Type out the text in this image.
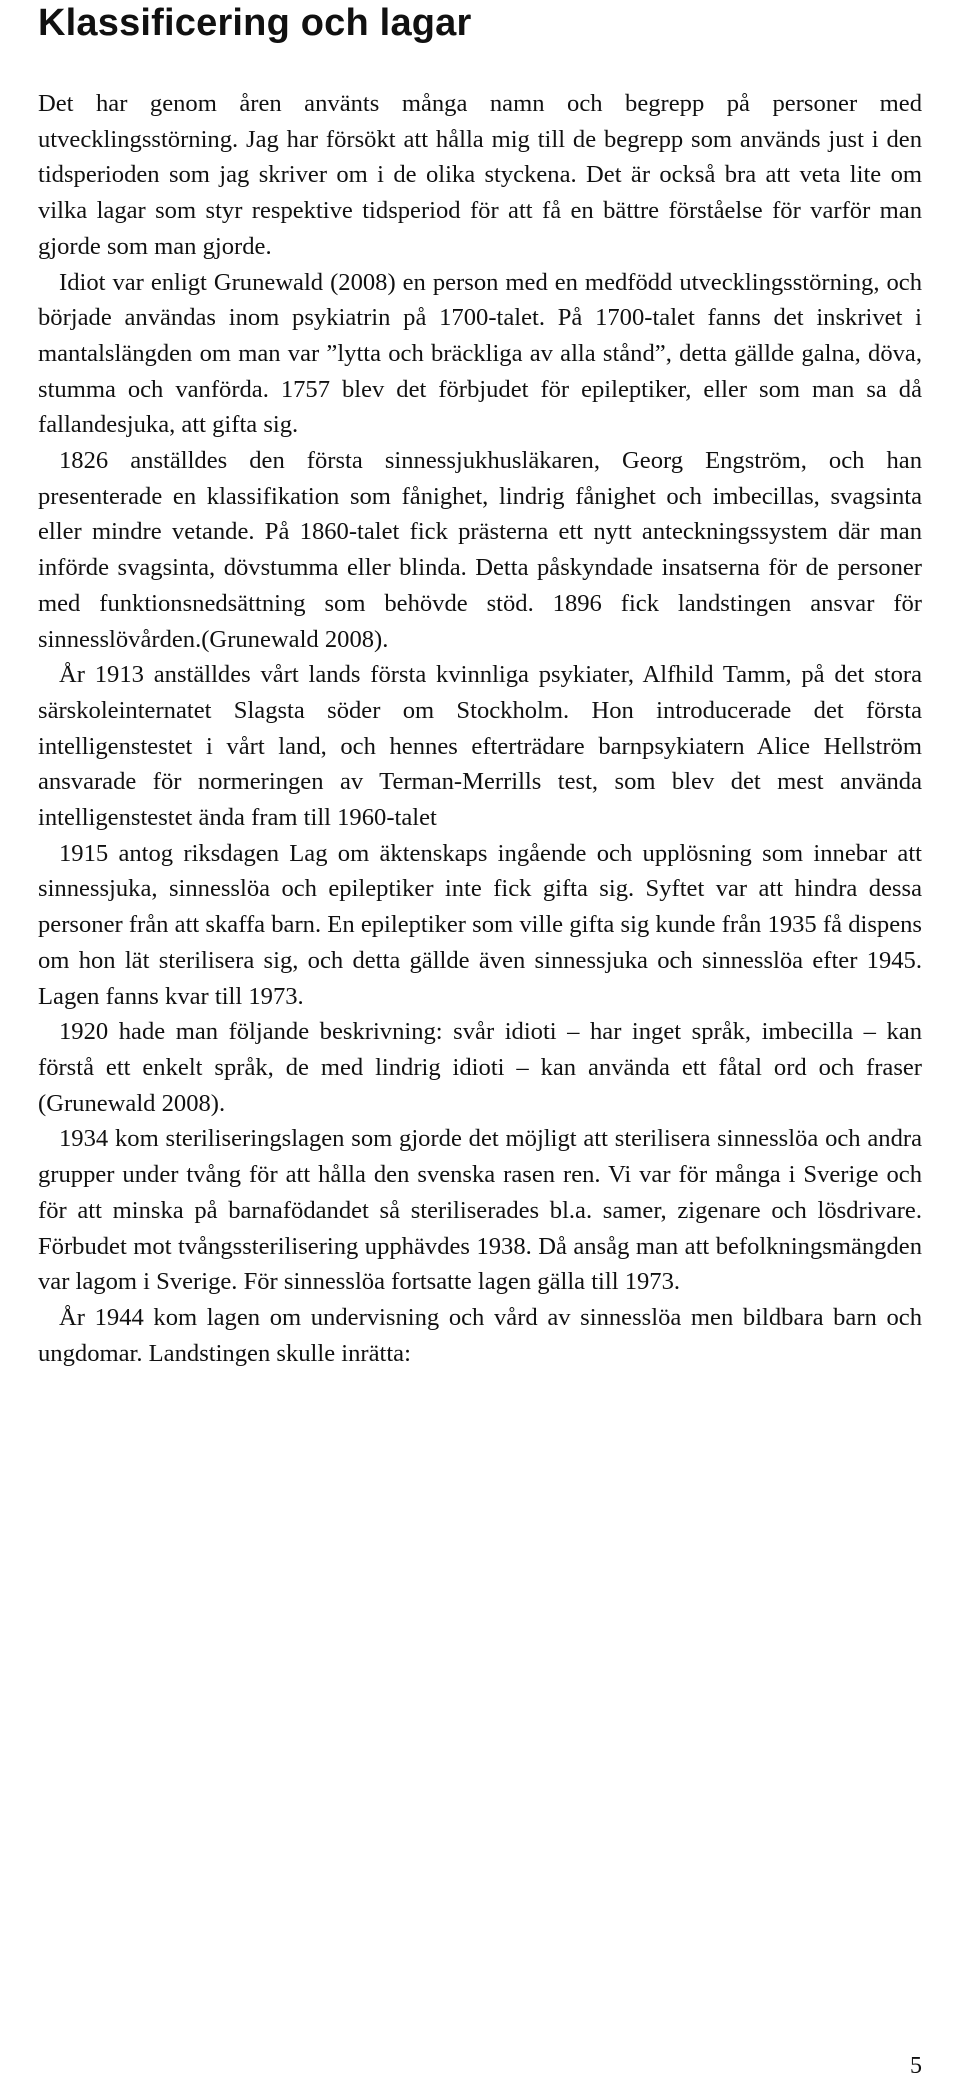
Klassificering och lagar

Det har genom åren använts många namn och begrepp på personer med utvecklingsstörning. Jag har försökt att hålla mig till de begrepp som används just i den tidsperioden som jag skriver om i de olika styckena. Det är också bra att veta lite om vilka lagar som styr respektive tidsperiod för att få en bättre förståelse för varför man gjorde som man gjorde.

Idiot var enligt Grunewald (2008) en person med en medfödd utvecklingsstörning, och började användas inom psykiatrin på 1700-talet. På 1700-talet fanns det inskrivet i mantalslängden om man var ”lytta och bräckliga av alla stånd”, detta gällde galna, döva, stumma och vanförda. 1757 blev det förbjudet för epileptiker, eller som man sa då fallandesjuka, att gifta sig.

1826 anställdes den första sinnessjukhusläkaren, Georg Engström, och han presenterade en klassifikation som fånighet, lindrig fånighet och imbecillas, svagsinta eller mindre vetande. På 1860-talet fick prästerna ett nytt anteckningssystem där man införde svagsinta, dövstumma eller blinda. Detta påskyndade insatserna för de personer med funktionsnedsättning som behövde stöd. 1896 fick landstingen ansvar för sinnesslövården.(Grunewald 2008).

År 1913 anställdes vårt lands första kvinnliga psykiater, Alfhild Tamm, på det stora särskoleinternatet Slagsta söder om Stockholm. Hon introducerade det första intelligenstestet i vårt land, och hennes efterträdare barnpsykiatern Alice Hellström ansvarade för normeringen av Terman-Merrills test, som blev det mest använda intelligenstestet ända fram till 1960-talet

1915 antog riksdagen Lag om äktenskaps ingående och upplösning som innebar att sinnessjuka, sinnesslöa och epileptiker inte fick gifta sig. Syftet var att hindra dessa personer från att skaffa barn. En epileptiker som ville gifta sig kunde från 1935 få dispens om hon lät sterilisera sig, och detta gällde även sinnessjuka och sinnesslöa efter 1945. Lagen fanns kvar till 1973.

1920 hade man följande beskrivning: svår idioti – har inget språk, imbecilla – kan förstå ett enkelt språk, de med lindrig idioti – kan använda ett fåtal ord och fraser (Grunewald 2008).

1934 kom steriliseringslagen som gjorde det möjligt att sterilisera sinnesslöa och andra grupper under tvång för att hålla den svenska rasen ren. Vi var för många i Sverige och för att minska på barnafödandet så steriliserades bl.a. samer, zigenare och lösdrivare. Förbudet mot tvångssterilisering upphävdes 1938. Då ansåg man att befolkningsmängden var lagom i Sverige. För sinnesslöa fortsatte lagen gälla till 1973.

År 1944 kom lagen om undervisning och vård av sinnesslöa men bildbara barn och ungdomar. Landstingen skulle inrätta:

5
